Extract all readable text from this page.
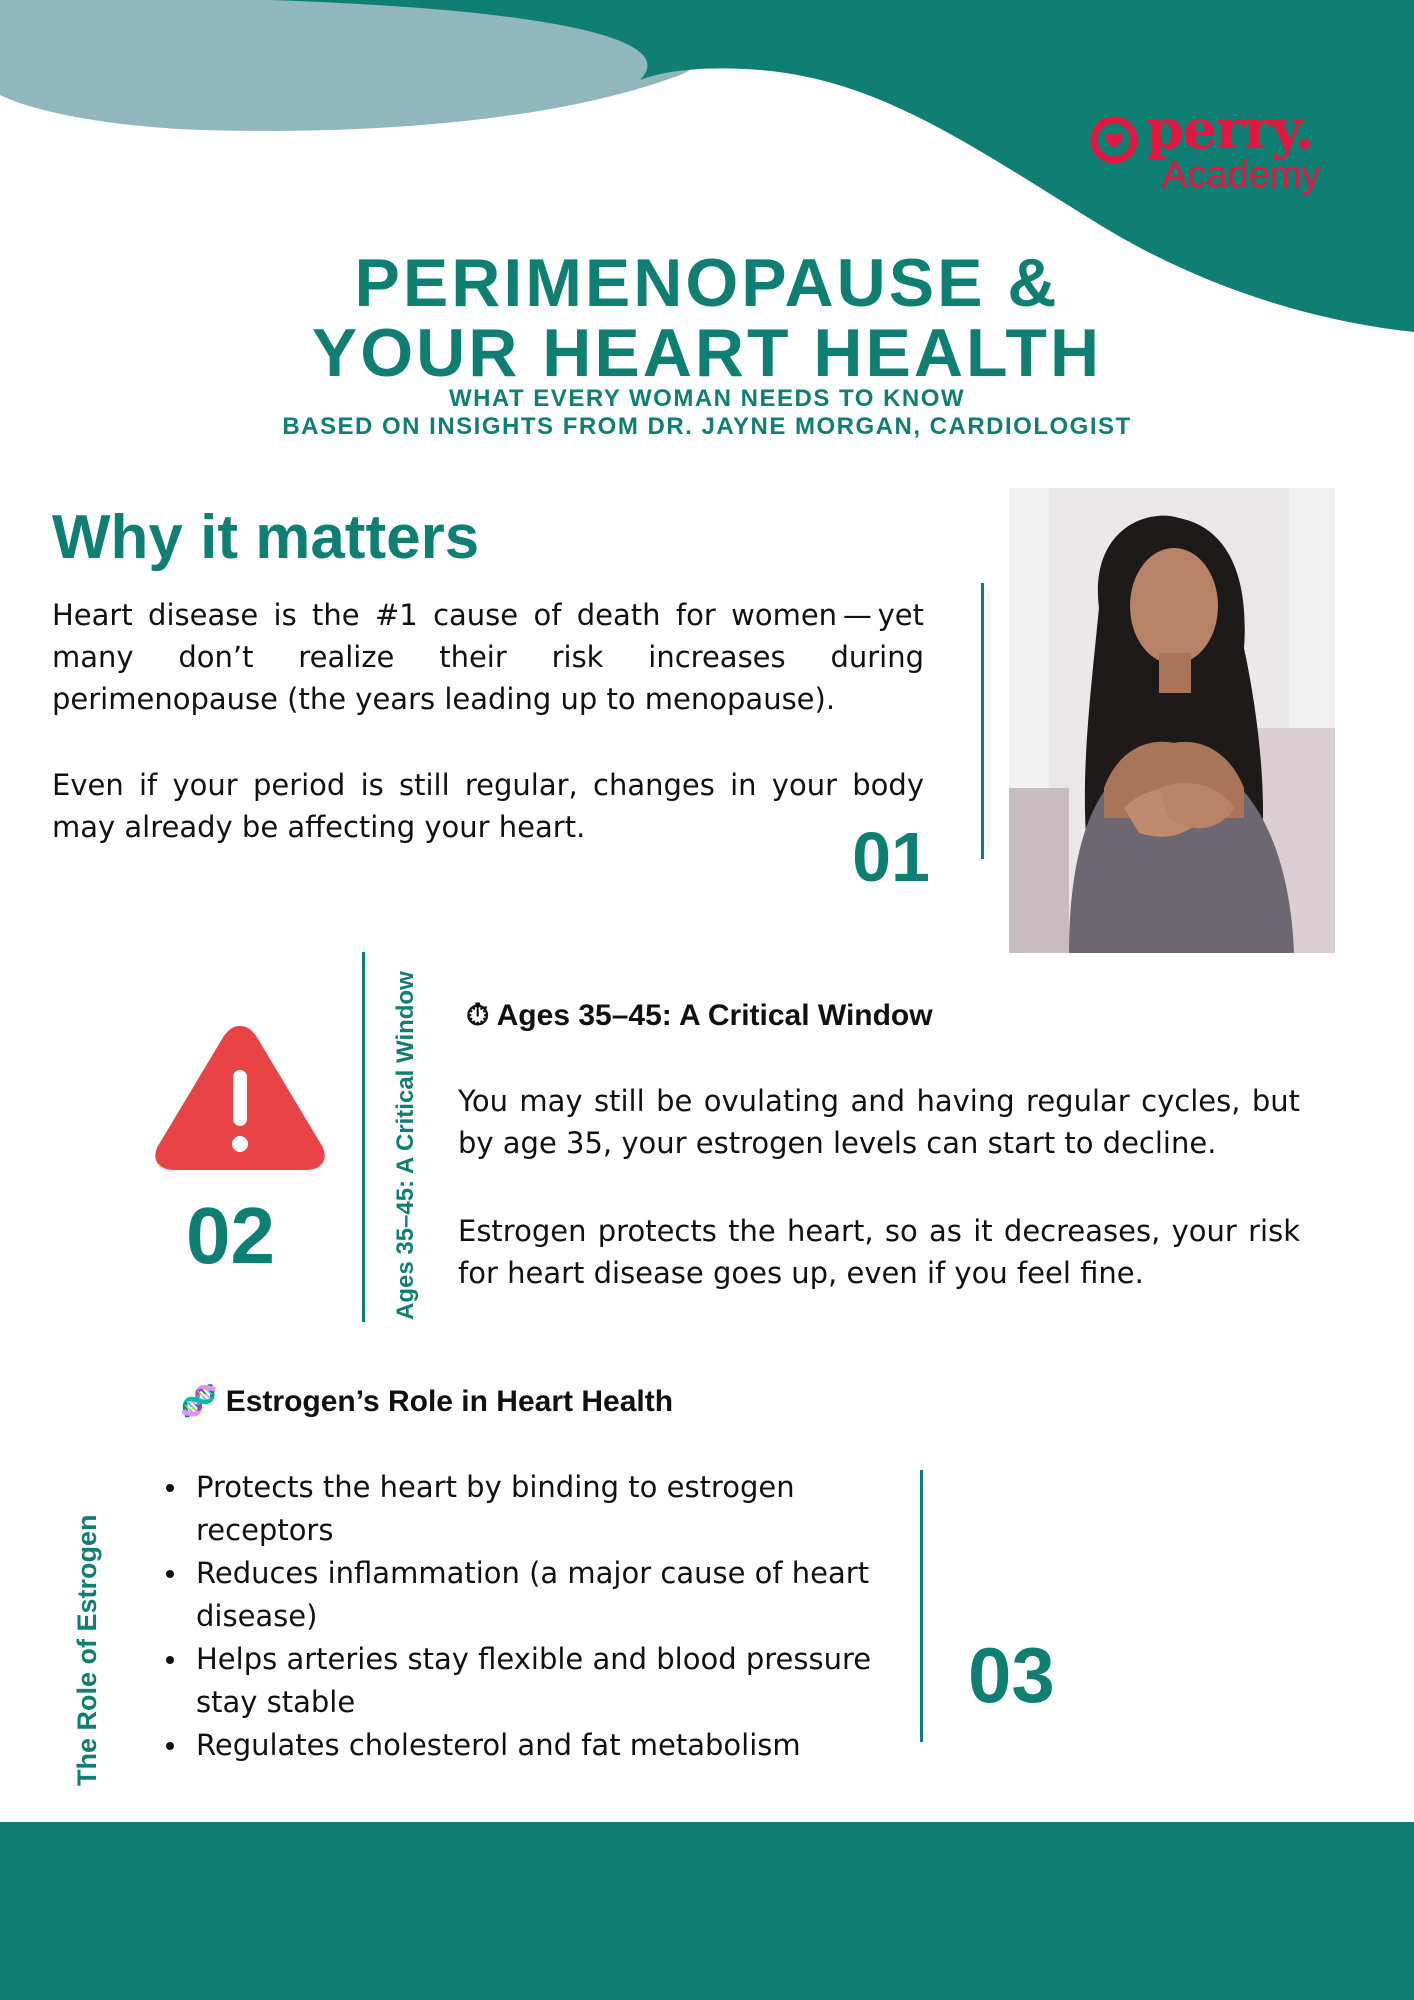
perry.
Academy
PERIMENOPAUSE &
YOUR HEART HEALTH
WHAT EVERY WOMAN NEEDS TO KNOW
BASED ON INSIGHTS FROM DR. JAYNE MORGAN, CARDIOLOGIST
Why it matters
Heart disease is the #1 cause of death for women — yet many don’t realize their risk increases during perimenopause (the years leading up to menopause).
Even if your period is still regular, changes in your body may already be affecting your heart.	01
02	Ages 35–45: A Critical Window ⏱ Ages 35–45: A Critical Window
You may still be ovulating and having regular cycles, but by age 35, your estrogen levels can start to decline.
Estrogen protects the heart, so as it decreases, your risk for heart disease goes up, even if you feel fine.
🧬 Estrogen’s Role in Heart Health
The Role of Estrogen
Protects the heart by binding to estrogen receptors
Reduces inflammation (a major cause of heart disease)
Helps arteries stay flexible and blood pressure stay stable
Regulates cholesterol and fat metabolism
03
